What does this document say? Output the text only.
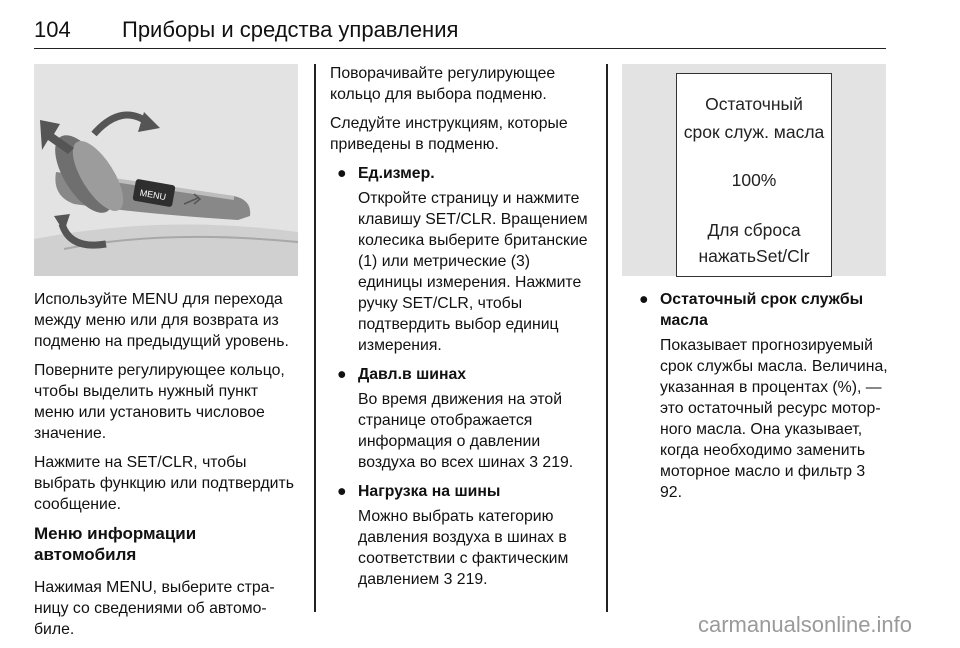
104 Приборы и средства управления
MENU
Остаточный
срок служ. масла
100%
Для сброса
нажатьSet/Clr

Используйте MENU для перехода между меню или для возврата из подменю на предыдущий уровень.

Поверните регулирующее кольцо, чтобы выделить нужный пункт меню или установить числовое значение.

Нажмите на SET/CLR, чтобы выбрать функцию или подтвердить сообщение.

Меню информации автомобиля

Нажимая MENU, выберите стра-ницу со сведениями об автомо-биле.

Поворачивайте регулирующее кольцо для выбора подменю.

Следуйте инструкциям, которые приведены в подменю.

● Ед.измер.
Откройте страницу и нажмите клавишу SET/CLR. Вращением колесика выберите британские (1) или метрические (3) единицы измерения. Нажмите ручку SET/CLR, чтобы подтвердить выбор единиц измерения.
● Давл.в шинах
Во время движения на этой странице отображается информация о давлении воздуха во всех шинах 3 219.
● Нагрузка на шины
Можно выбрать категорию давления воздуха в шинах в соответствии с фактическим давлением 3 219.
● Остаточный срок службы масла
Показывает прогнозируемый срок службы масла. Величина, указанная в процентах (%), — это остаточный ресурс мотор-ного масла. Она указывает, когда необходимо заменить моторное масло и фильтр 3 92.
carmanualsonline.info
